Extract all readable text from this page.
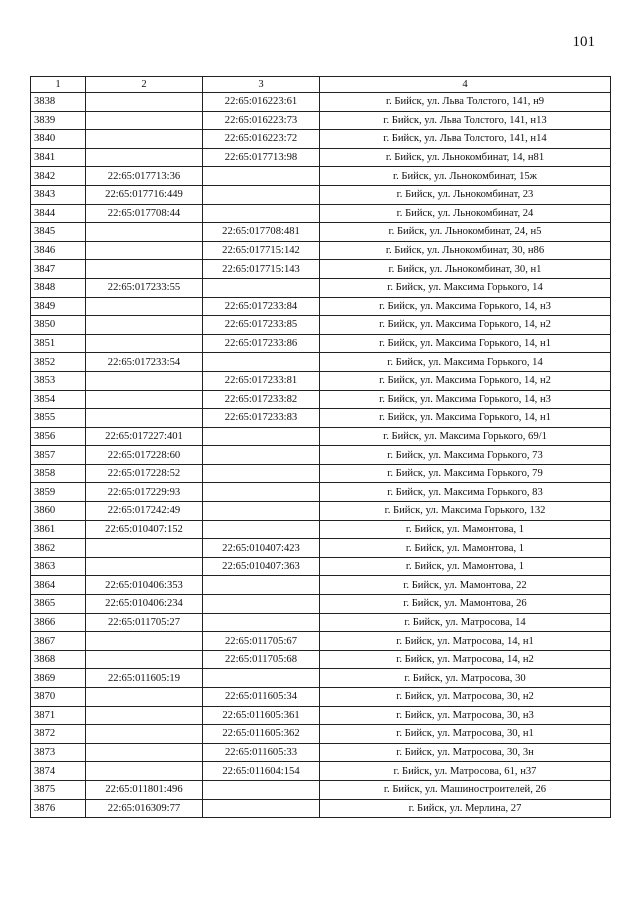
101
1	2	3	4
3838		22:65:016223:61	г. Бийск, ул. Льва Толстого, 141, н9
3839		22:65:016223:73	г. Бийск, ул. Льва Толстого, 141, н13
3840		22:65:016223:72	г. Бийск, ул. Льва Толстого, 141, н14
3841		22:65:017713:98	г. Бийск, ул. Льнокомбинат, 14, н81
3842	22:65:017713:36		г. Бийск, ул. Льнокомбинат, 15ж
3843	22:65:017716:449		г. Бийск, ул. Льнокомбинат, 23
3844	22:65:017708:44		г. Бийск, ул. Льнокомбинат, 24
3845		22:65:017708:481	г. Бийск, ул. Льнокомбинат, 24, н5
3846		22:65:017715:142	г. Бийск, ул. Льнокомбинат, 30, н86
3847		22:65:017715:143	г. Бийск, ул. Льнокомбинат, 30, н1
3848	22:65:017233:55		г. Бийск, ул. Максима Горького, 14
3849		22:65:017233:84	г. Бийск, ул. Максима Горького, 14, н3
3850		22:65:017233:85	г. Бийск, ул. Максима Горького, 14, н2
3851		22:65:017233:86	г. Бийск, ул. Максима Горького, 14, н1
3852	22:65:017233:54		г. Бийск, ул. Максима Горького, 14
3853		22:65:017233:81	г. Бийск, ул. Максима Горького, 14, н2
3854		22:65:017233:82	г. Бийск, ул. Максима Горького, 14, н3
3855		22:65:017233:83	г. Бийск, ул. Максима Горького, 14, н1
3856	22:65:017227:401		г. Бийск, ул. Максима Горького, 69/1
3857	22:65:017228:60		г. Бийск, ул. Максима Горького, 73
3858	22:65:017228:52		г. Бийск, ул. Максима Горького, 79
3859	22:65:017229:93		г. Бийск, ул. Максима Горького, 83
3860	22:65:017242:49		г. Бийск, ул. Максима Горького, 132
3861	22:65:010407:152		г. Бийск, ул. Мамонтова, 1
3862		22:65:010407:423	г. Бийск, ул. Мамонтова, 1
3863		22:65:010407:363	г. Бийск, ул. Мамонтова, 1
3864	22:65:010406:353		г. Бийск, ул. Мамонтова, 22
3865	22:65:010406:234		г. Бийск, ул. Мамонтова, 26
3866	22:65:011705:27		г. Бийск, ул. Матросова, 14
3867		22:65:011705:67	г. Бийск, ул. Матросова, 14, н1
3868		22:65:011705:68	г. Бийск, ул. Матросова, 14, н2
3869	22:65:011605:19		г. Бийск, ул. Матросова, 30
3870		22:65:011605:34	г. Бийск, ул. Матросова, 30, н2
3871		22:65:011605:361	г. Бийск, ул. Матросова, 30, н3
3872		22:65:011605:362	г. Бийск, ул. Матросова, 30, н1
3873		22:65:011605:33	г. Бийск, ул. Матросова, 30, 3н
3874		22:65:011604:154	г. Бийск, ул. Матросова, 61, н37
3875	22:65:011801:496		г. Бийск, ул. Машиностроителей, 26
3876	22:65:016309:77		г. Бийск, ул. Мерлина, 27
